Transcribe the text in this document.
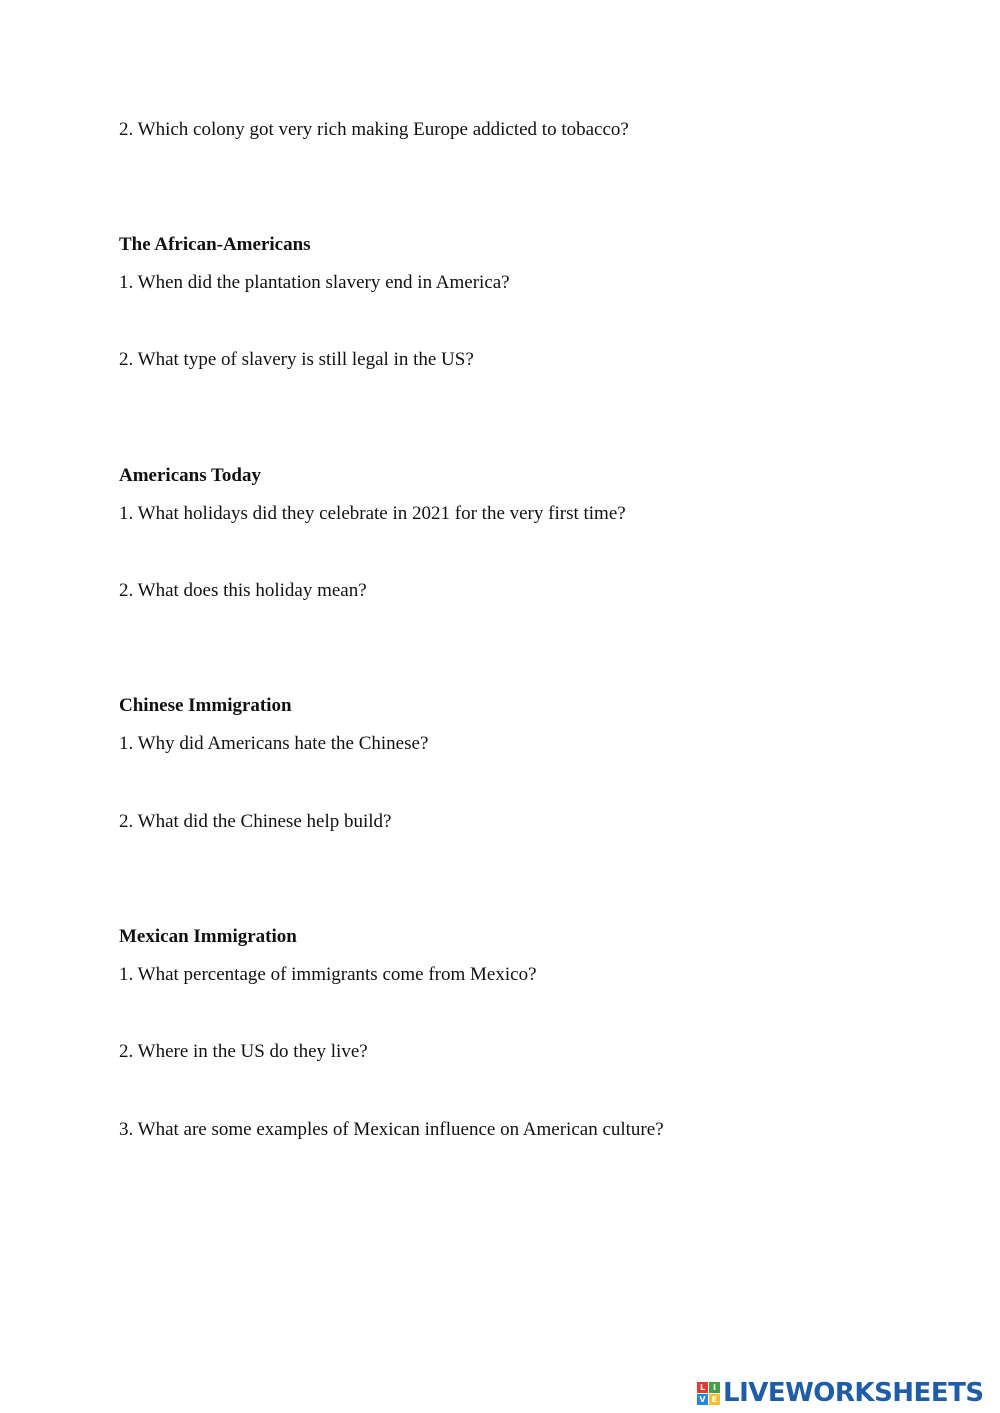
2. Which colony got very rich making Europe addicted to tobacco?
The African-Americans
1. When did the plantation slavery end in America?
2. What type of slavery is still legal in the US?
Americans Today
1. What holidays did they celebrate in 2021 for the very first time?
2. What does this holiday mean?
Chinese Immigration
1. Why did Americans hate the Chinese?
2. What did the Chinese help build?
Mexican Immigration
1. What percentage of immigrants come from Mexico?
2. Where in the US do they live?
3. What are some examples of Mexican influence on American culture?
L I
V E LIVEWORKSHEETS
